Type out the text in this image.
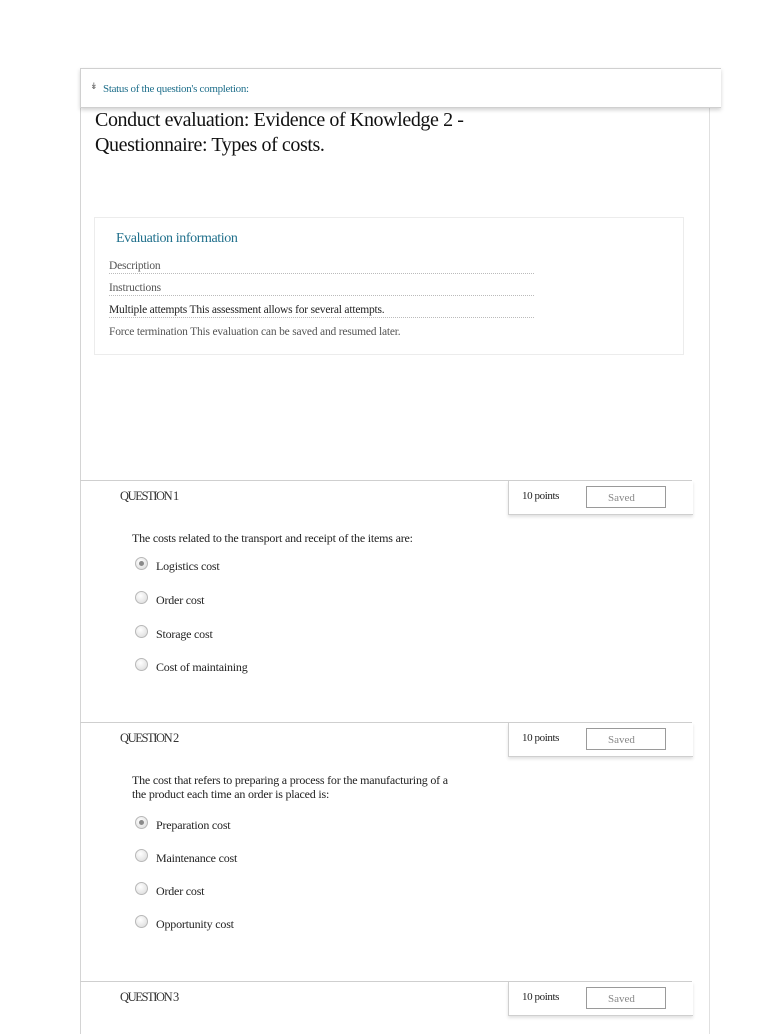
↡ Status of the question's completion:
Conduct evaluation: Evidence of Knowledge 2 -
Questionnaire: Types of costs.
Evaluation information
Description
Instructions
Multiple attempts This assessment allows for several attempts.
Force termination This evaluation can be saved and resumed later.
QUESTION 1	10 points	Saved
The costs related to the transport and receipt of the items are:
Logistics cost
Order cost
Storage cost
Cost of maintaining
QUESTION 2	10 points	Saved
The cost that refers to preparing a process for the manufacturing of a the product each time an order is placed is:
Preparation cost
Maintenance cost
Order cost
Opportunity cost
QUESTION 3	10 points	Saved
